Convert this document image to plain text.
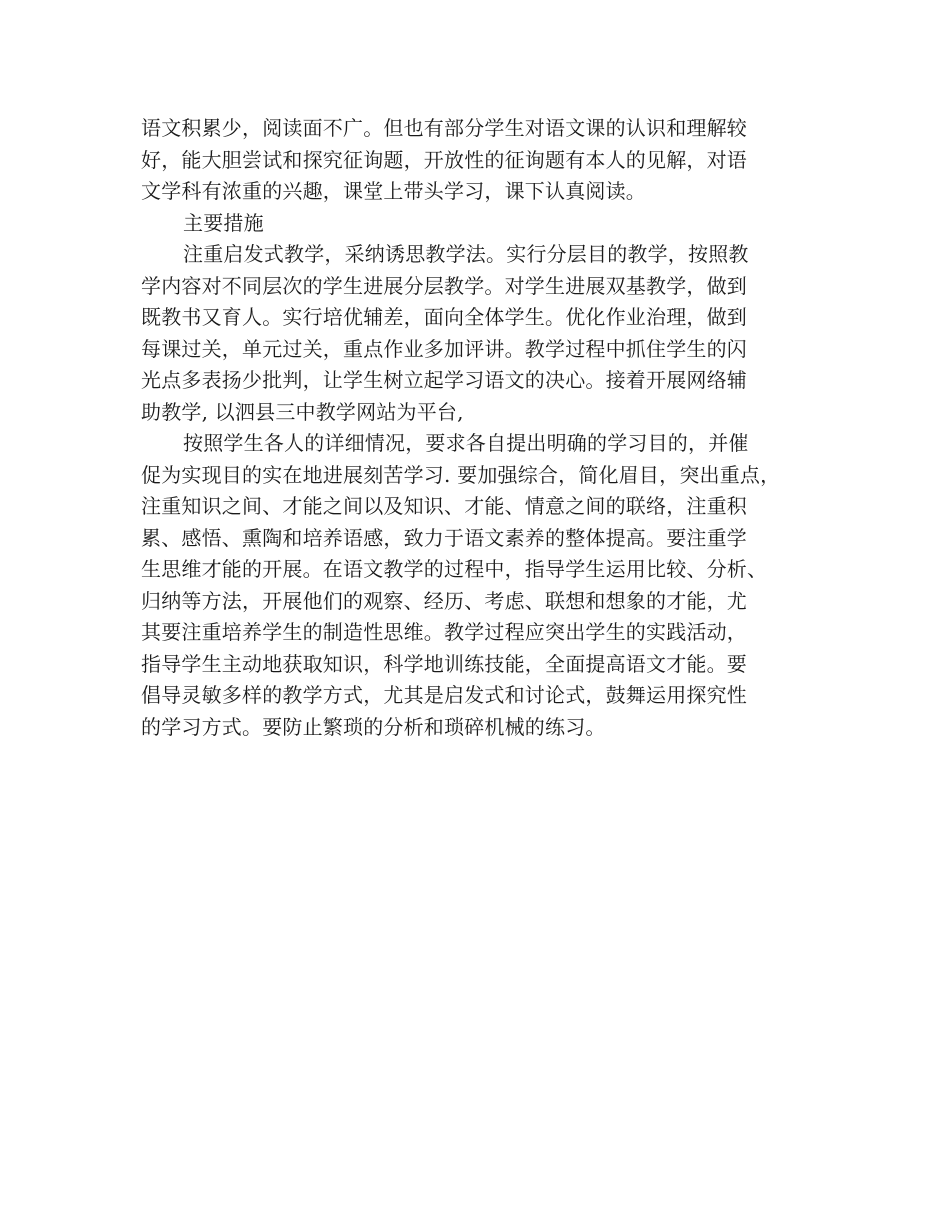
语文积累少，阅读面不广。但也有部分学生对语文课的认识和理解较
好，能大胆尝试和探究征询题，开放性的征询题有本人的见解，对语
文学科有浓重的兴趣，课堂上带头学习，课下认真阅读。
主要措施
注重启发式教学，采纳诱思教学法。实行分层目的教学，按照教
学内容对不同层次的学生进展分层教学。对学生进展双基教学，做到
既教书又育人。实行培优辅差，面向全体学生。优化作业治理，做到
每课过关，单元过关，重点作业多加评讲。教学过程中抓住学生的闪
光点多表扬少批判，让学生树立起学习语文的决心。接着开展网络辅
助教学, 以泗县三中教学网站为平台,
按照学生各人的详细情况，要求各自提出明确的学习目的，并催
促为实现目的实在地进展刻苦学习. 要加强综合，简化眉目，突出重点，
注重知识之间、才能之间以及知识、才能、情意之间的联络，注重积
累、感悟、熏陶和培养语感，致力于语文素养的整体提高。要注重学
生思维才能的开展。在语文教学的过程中，指导学生运用比较、分析、
归纳等方法，开展他们的观察、经历、考虑、联想和想象的才能，尤
其要注重培养学生的制造性思维。教学过程应突出学生的实践活动，
指导学生主动地获取知识，科学地训练技能，全面提高语文才能。要
倡导灵敏多样的教学方式，尤其是启发式和讨论式，鼓舞运用探究性
的学习方式。要防止繁琐的分析和琐碎机械的练习。
